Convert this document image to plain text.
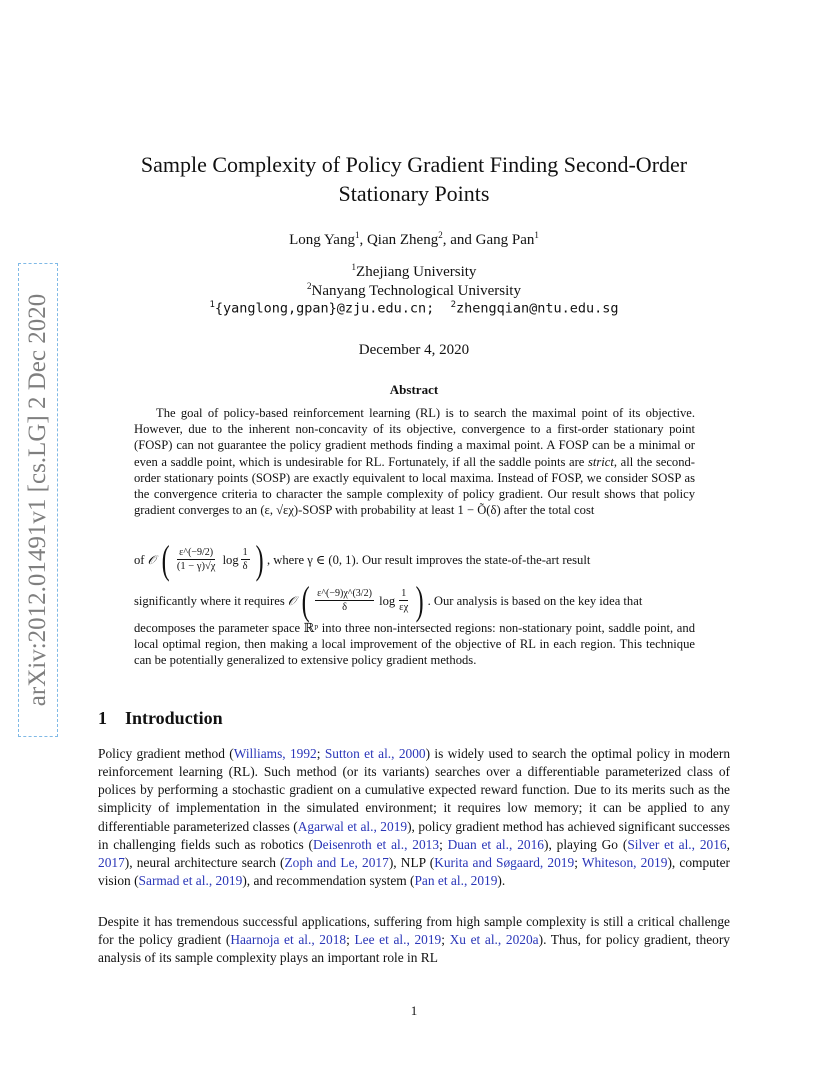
arXiv:2012.01491v1 [cs.LG] 2 Dec 2020
Sample Complexity of Policy Gradient Finding Second-Order
Stationary Points
Long Yang$^1$, Qian Zheng$^2$, and Gang Pan$^1$
$^1$Zhejiang University
$^2$Nanyang Technological University
$^1${yanglong,gpan}@zju.edu.cn; $^2$zhengqian@ntu.edu.sg
December 4, 2020
Abstract

The goal of policy-based reinforcement learning (RL) is to search the maximal point of its objective. However, due to the inherent non-concavity of its objective, convergence to a first-order stationary point (FOSP) can not guarantee the policy gradient methods finding a maximal point. A FOSP can be a minimal or even a saddle point, which is undesirable for RL. Fortunately, if all the saddle points are strict, all the second-order stationary points (SOSP) are exactly equivalent to local maxima. Instead of FOSP, we consider SOSP as the convergence criteria to character the sample complexity of policy gradient. Our result shows that policy gradient converges to an (ε, √εχ)-SOSP with probability at least 1 − Õ(δ) after the total cost

of
𝒪 ( $\frac{\varepsilon\^{}(-9/2)}{(1 - \gamma)√\chi}$
$\log \frac{1}{\delta}$ ) , where γ ∈ (0, 1). Our result improves the state-of-the-art result
significantly where it requires
𝒪 ( $\frac{\varepsilon\^{}(-9)\chi\^{}(3/2)}{\delta}$
$\log \frac{1}{\varepsilon\chi}$ ) . Our analysis is based on the key idea that

decomposes the parameter space ℝᵖ into three non-intersected regions: non-stationary point, saddle point, and local optimal region, then making a local improvement of the objective of RL in each region. This technique can be potentially generalized to extensive policy gradient methods.

1 Introduction

Policy gradient method (Williams, 1992; Sutton et al., 2000) is widely used to search the optimal policy in modern reinforcement learning (RL). Such method (or its variants) searches over a differentiable parameterized class of polices by performing a stochastic gradient on a cumulative expected reward function. Due to its merits such as the simplicity of implementation in the simulated environment; it requires low memory; it can be applied to any differentiable parameterized classes (Agarwal et al., 2019), policy gradient method has achieved significant successes in challenging fields such as robotics (Deisenroth et al., 2013; Duan et al., 2016), playing Go (Silver et al., 2016, 2017), neural architecture search (Zoph and Le, 2017), NLP (Kurita and Søgaard, 2019; Whiteson, 2019), computer vision (Sarmad et al., 2019), and recommendation system (Pan et al., 2019).

Despite it has tremendous successful applications, suffering from high sample complexity is still a critical challenge for the policy gradient (Haarnoja et al., 2018; Lee et al., 2019; Xu et al., 2020a). Thus, for policy gradient, theory analysis of its sample complexity plays an important role in RL

1
